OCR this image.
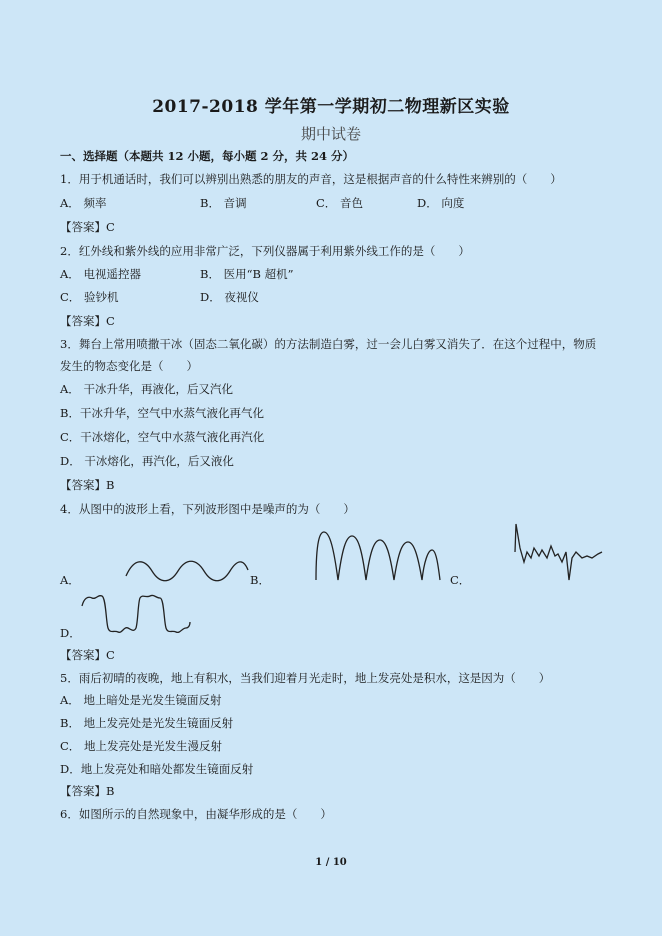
2017-2018 学年第一学期初二物理新区实验
期中试卷
一、选择题（本题共 12 小题，每小题 2 分，共 24 分）
1．用于机通话时，我们可以辨别出熟悉的朋友的声音，这是根据声音的什么特性来辨别的（　　）
A． 频率	B． 音调	C． 音色	D． 向度
【答案】C
2．红外线和紫外线的应用非常广泛，下列仪器属于利用紫外线工作的是（　　）
A． 电视遥控器	B． 医用“B 超机”
C． 验钞机	D． 夜视仪
【答案】C
3．舞台上常用喷撒干冰（固态二氧化碳）的方法制造白雾，过一会儿白雾又消失了．在这个过程中，物质
发生的物态变化是（　　）
A． 干冰升华，再液化，后又汽化
B．干冰升华，空气中水蒸气液化再气化
C．干冰熔化，空气中水蒸气液化再汽化
D． 干冰熔化，再汽化，后又液化
【答案】B
4．从图中的波形上看，下列波形图中是噪声的为（　　）
A．	B．	C．
D．
【答案】C
5．雨后初晴的夜晚，地上有积水，当我们迎着月光走时，地上发亮处是积水，这是因为（　　）
A． 地上暗处是光发生镜面反射
B． 地上发亮处是光发生镜面反射
C． 地上发亮处是光发生漫反射
D．地上发亮处和暗处都发生镜面反射
【答案】B
6．如图所示的自然现象中，由凝华形成的是（　　）
1 / 10
